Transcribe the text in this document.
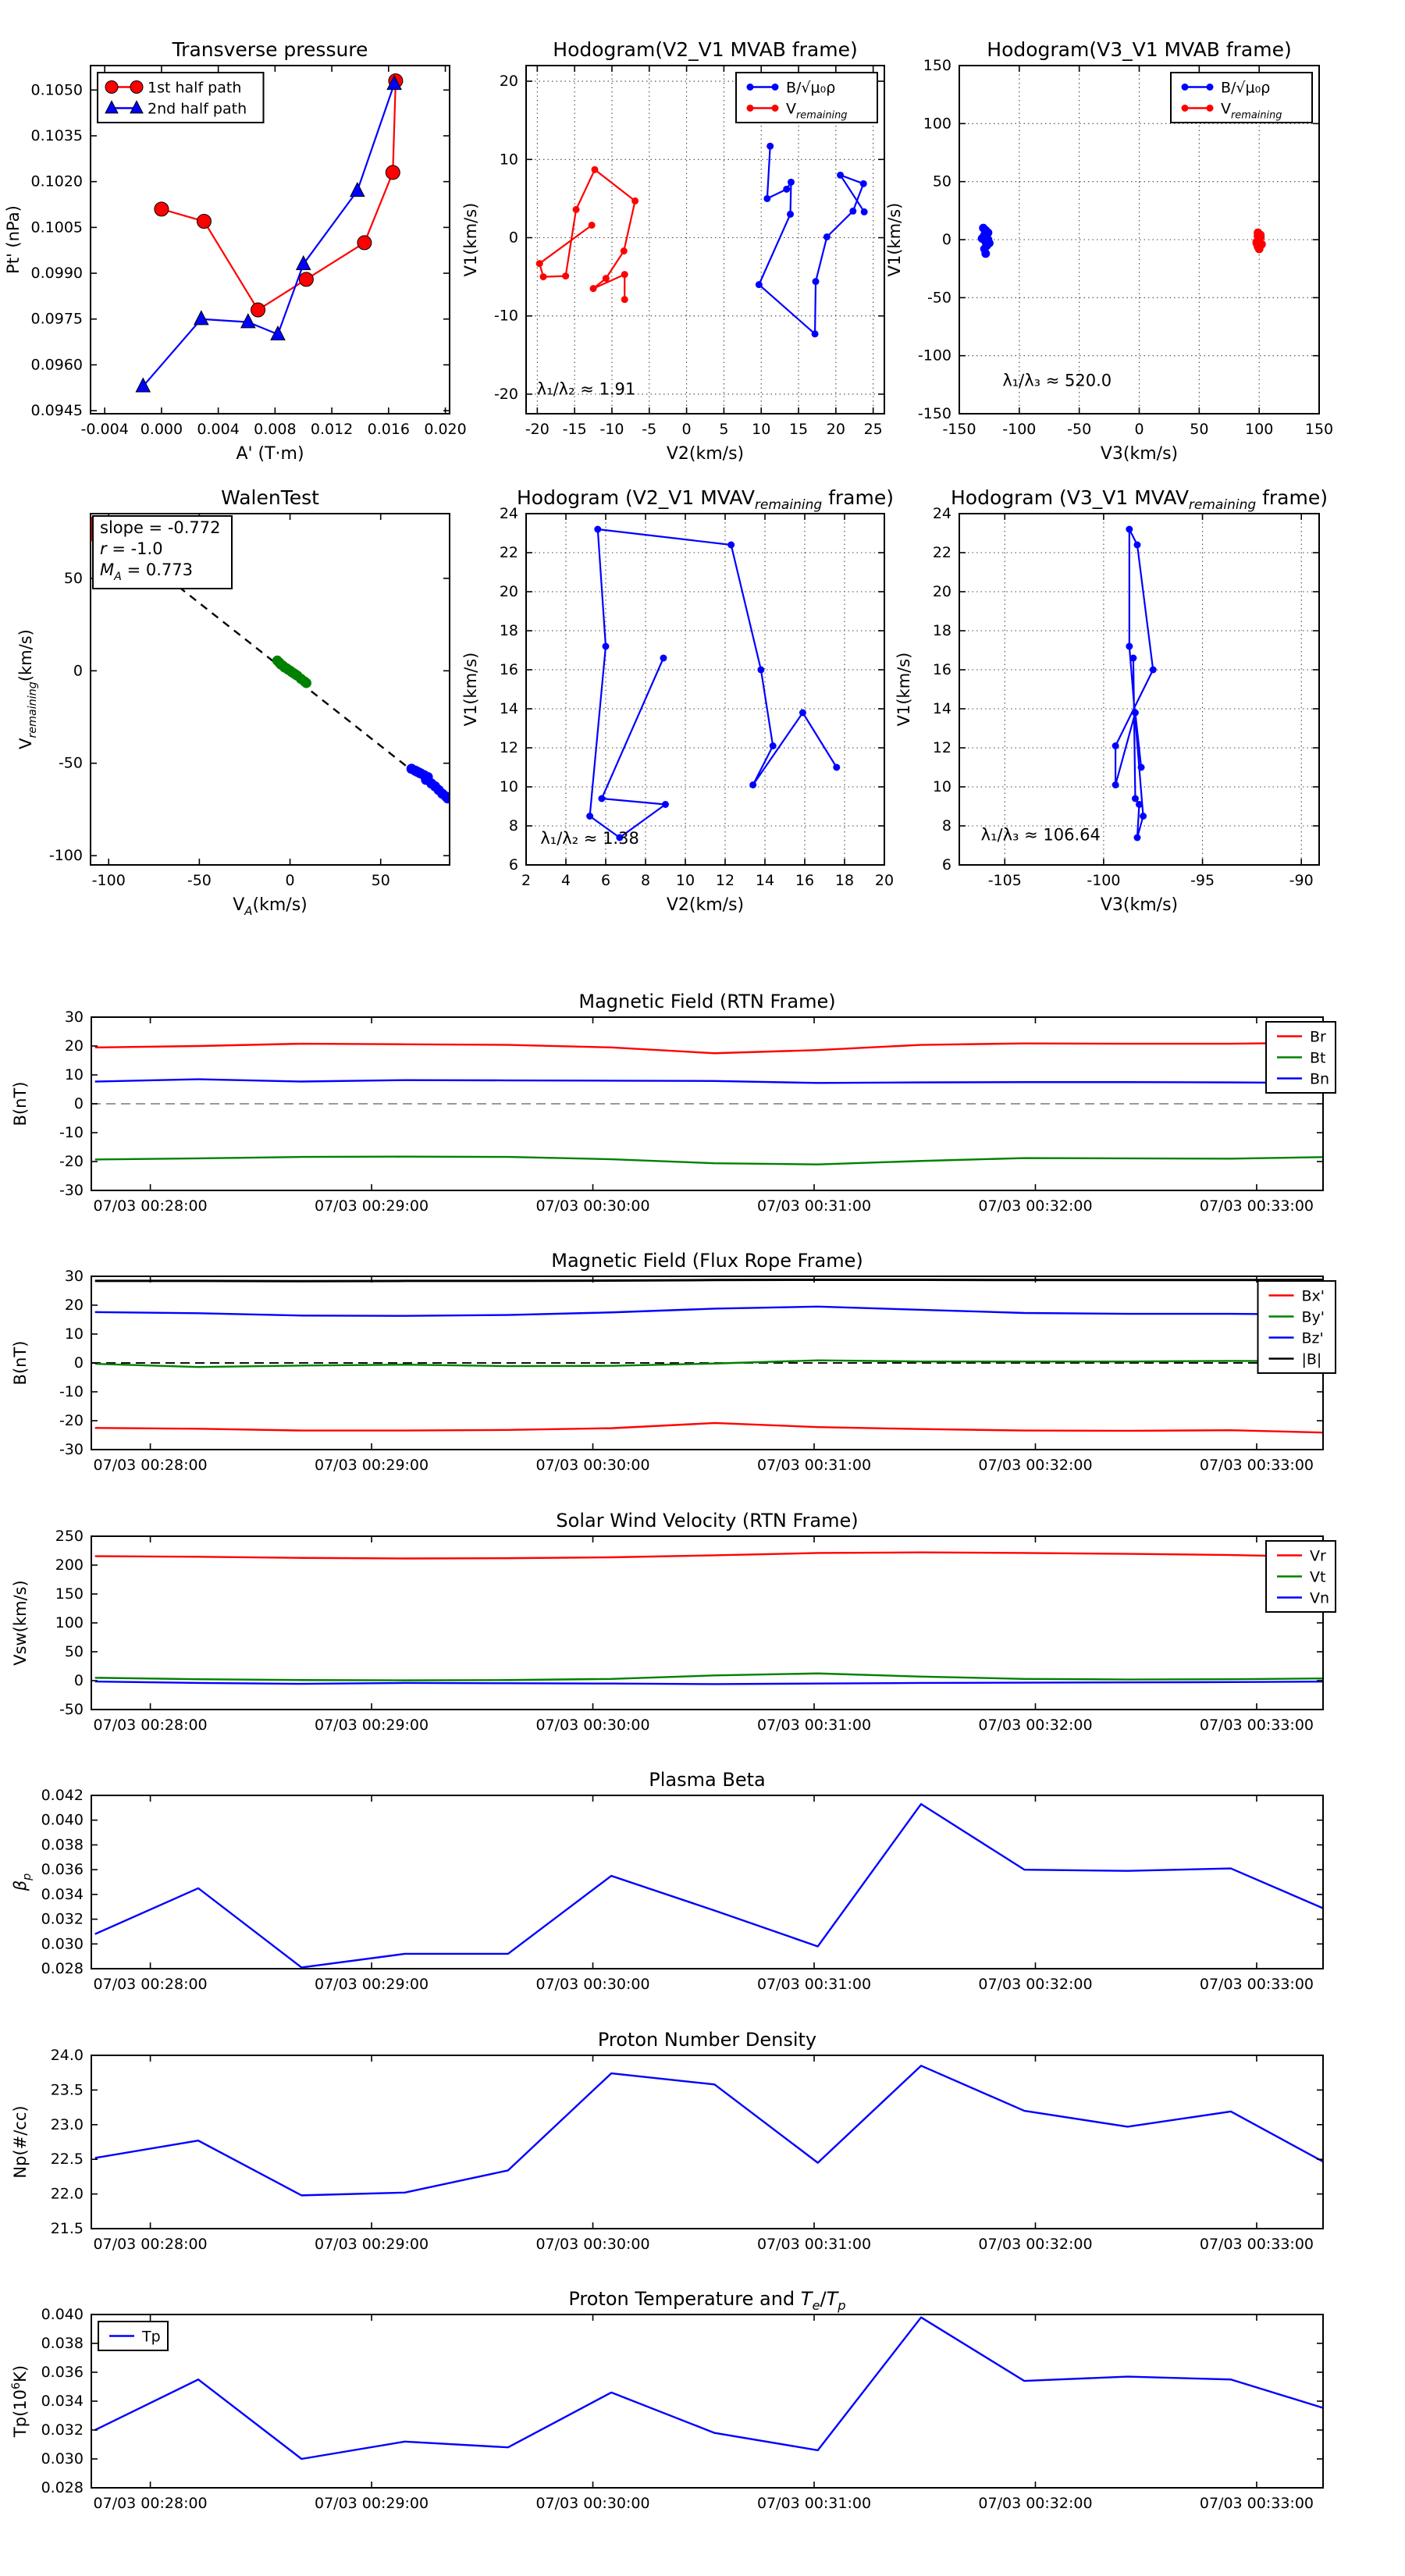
-0.004 0.000 0.004 0.008 0.012 0.016 0.020
0.0945
0.0960
0.0975
0.0990
0.1005
0.1020
0.1035
0.1050
Transverse pressure
A' (T·m)
Pt' (nPa)
1st half path
2nd half path
-20 -15 -10 -5 0 5 10 15 20 25
-20
-10
0
10
20
Hodogram(V2_V1 MVAB frame)
V2(km/s)
V1(km/s)
λ₁/λ₂ ≈ 1.91
B/√μ₀ρ
$V_{remaining}$
-150 -100 -50	0	50 100 150
-150
-100
-50
0
50
100
150
Hodogram(V3_V1 MVAB frame)
V3(km/s)
V1(km/s)
λ₁/λ₃ ≈ 520.0
B/√μ₀ρ
$V_{remaining}$
-100	-50	0	50
-100
-50
0
50
WalenTest
$V_A(km/s)$
$V_{remaining}(km/s)$
slope = -0.772
r = -1.0
$M_A = 0.773$
2 4 6 8 10 12 14 16 18 20
6
8
10
12
14
16
18
20
22
24
Hodogram (V2_V1 $MVAV_{remaining}$ frame)
V2(km/s)
V1(km/s)
λ₁/λ₂ ≈ 1.38
-105	-100	-95	-90
6
8
10
12
14
16
18
20
22
24
Hodogram (V3_V1 $MVAV_{remaining}$ frame)
V3(km/s)
V1(km/s)
λ₁/λ₃ ≈ 106.64
07/03 00:28:00	07/03 00:29:00	07/03 00:30:00	07/03 00:31:00	07/03 00:32:00	07/03 00:33:00
-30
-20
-10
0
10
20
30
Magnetic Field (RTN Frame)
B(nT)
Br
Bt
Bn
07/03 00:28:00	07/03 00:29:00	07/03 00:30:00	07/03 00:31:00	07/03 00:32:00	07/03 00:33:00
-30
-20
-10
0
10
20
30
Magnetic Field (Flux Rope Frame)
B(nT)
Bx'
By'
Bz'
|B|
07/03 00:28:00	07/03 00:29:00	07/03 00:30:00	07/03 00:31:00	07/03 00:32:00	07/03 00:33:00
-50
0
50
100
150
200
250
Solar Wind Velocity (RTN Frame)
Vsw(km/s)
Vr
Vt
Vn
07/03 00:28:00	07/03 00:29:00	07/03 00:30:00	07/03 00:31:00	07/03 00:32:00	07/03 00:33:00
0.028
0.030
0.032
0.034
0.036
0.038
0.040
0.042
Plasma Beta
$\beta_p$
07/03 00:28:00	07/03 00:29:00	07/03 00:30:00	07/03 00:31:00	07/03 00:32:00	07/03 00:33:00
21.5
22.0
22.5
23.0
23.5
24.0
Proton Number Density
Np(#/cc)
07/03 00:28:00	07/03 00:29:00	07/03 00:30:00	07/03 00:31:00	07/03 00:32:00	07/03 00:33:00
0.028
0.030
0.032
0.034
0.036
0.038
0.040
Proton Temperature and $T_e/T_p$
$Tp(10^6K)$
Tp
